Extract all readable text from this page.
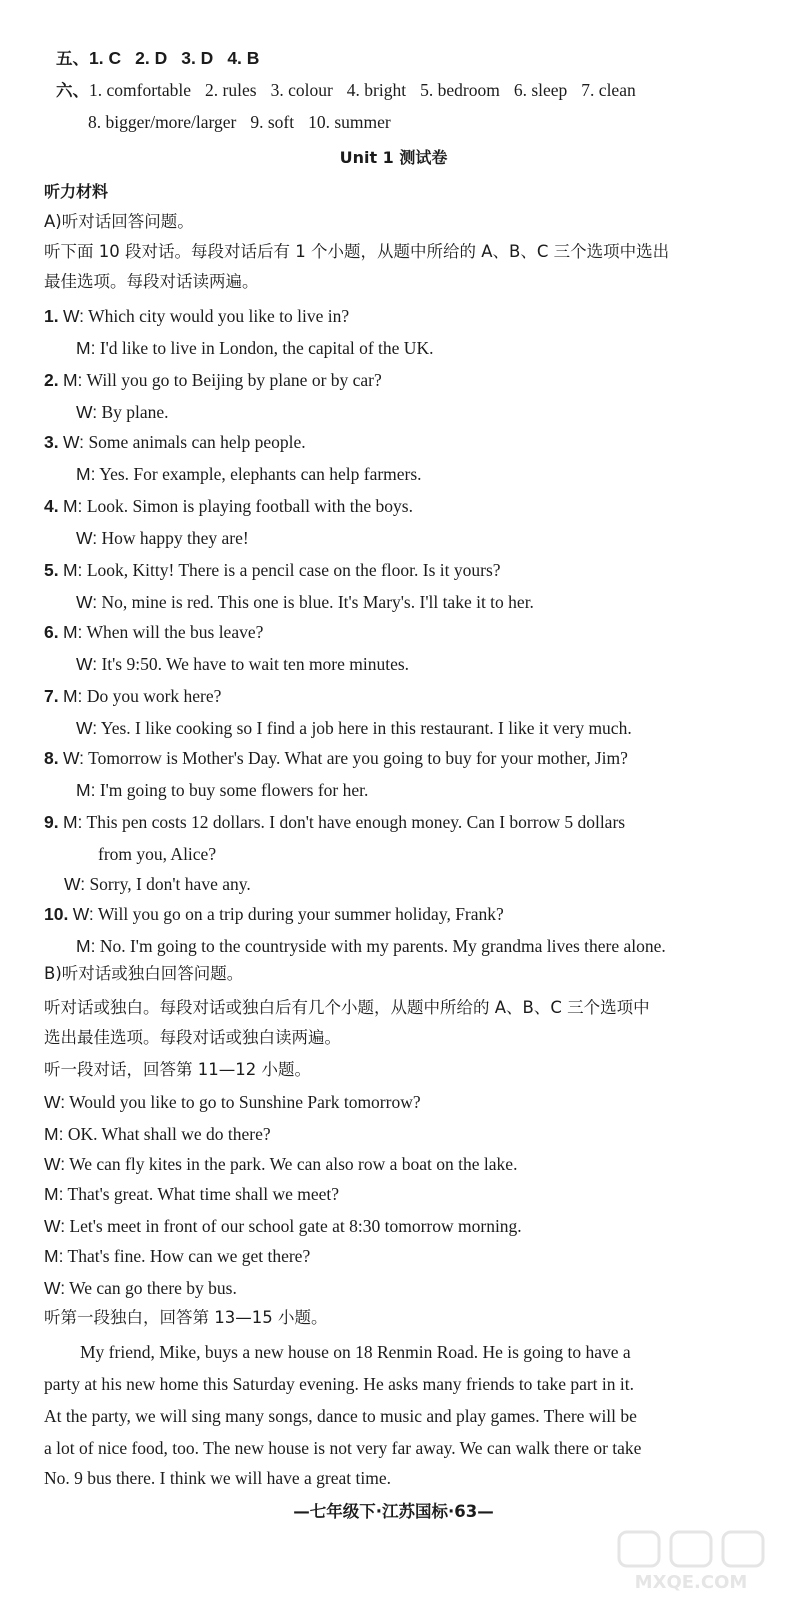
五、1. C 2. D 3. D 4. B
六、1. comfortable 2. rules 3. colour 4. bright 5. bedroom 6. sleep 7. clean
8. bigger/more/larger 9. soft 10. summer
Unit 1 测试卷
听力材料
A)听对话回答问题。
听下面 10 段对话。每段对话后有 1 个小题，从题中所给的 A、B、C 三个选项中选出
最佳选项。每段对话读两遍。
1. W: Which city would you like to live in?
M: I'd like to live in London, the capital of the UK.
2. M: Will you go to Beijing by plane or by car?
W: By plane.
3. W: Some animals can help people.
M: Yes. For example, elephants can help farmers.
4. M: Look. Simon is playing football with the boys.
W: How happy they are!
5. M: Look, Kitty! There is a pencil case on the floor. Is it yours?
W: No, mine is red. This one is blue. It's Mary's. I'll take it to her.
6. M: When will the bus leave?
W: It's 9:50. We have to wait ten more minutes.
7. M: Do you work here?
W: Yes. I like cooking so I find a job here in this restaurant. I like it very much.
8. W: Tomorrow is Mother's Day. What are you going to buy for your mother, Jim?
M: I'm going to buy some flowers for her.
9. M: This pen costs 12 dollars. I don't have enough money. Can I borrow 5 dollars
from you, Alice?
W: Sorry, I don't have any.
10. W: Will you go on a trip during your summer holiday, Frank?
M: No. I'm going to the countryside with my parents. My grandma lives there alone.
B)听对话或独白回答问题。
听对话或独白。每段对话或独白后有几个小题，从题中所给的 A、B、C 三个选项中
选出最佳选项。每段对话或独白读两遍。
听一段对话，回答第 11—12 小题。
W: Would you like to go to Sunshine Park tomorrow?
M: OK. What shall we do there?
W: We can fly kites in the park. We can also row a boat on the lake.
M: That's great. What time shall we meet?
W: Let's meet in front of our school gate at 8:30 tomorrow morning.
M: That's fine. How can we get there?
W: We can go there by bus.
听第一段独白，回答第 13—15 小题。
My friend, Mike, buys a new house on 18 Renmin Road. He is going to have a
party at his new home this Saturday evening. He asks many friends to take part in it.
At the party, we will sing many songs, dance to music and play games. There will be
a lot of nice food, too. The new house is not very far away. We can walk there or take
No. 9 bus there. I think we will have a great time.
—七年级下·江苏国标·63—
MXQE.COM
